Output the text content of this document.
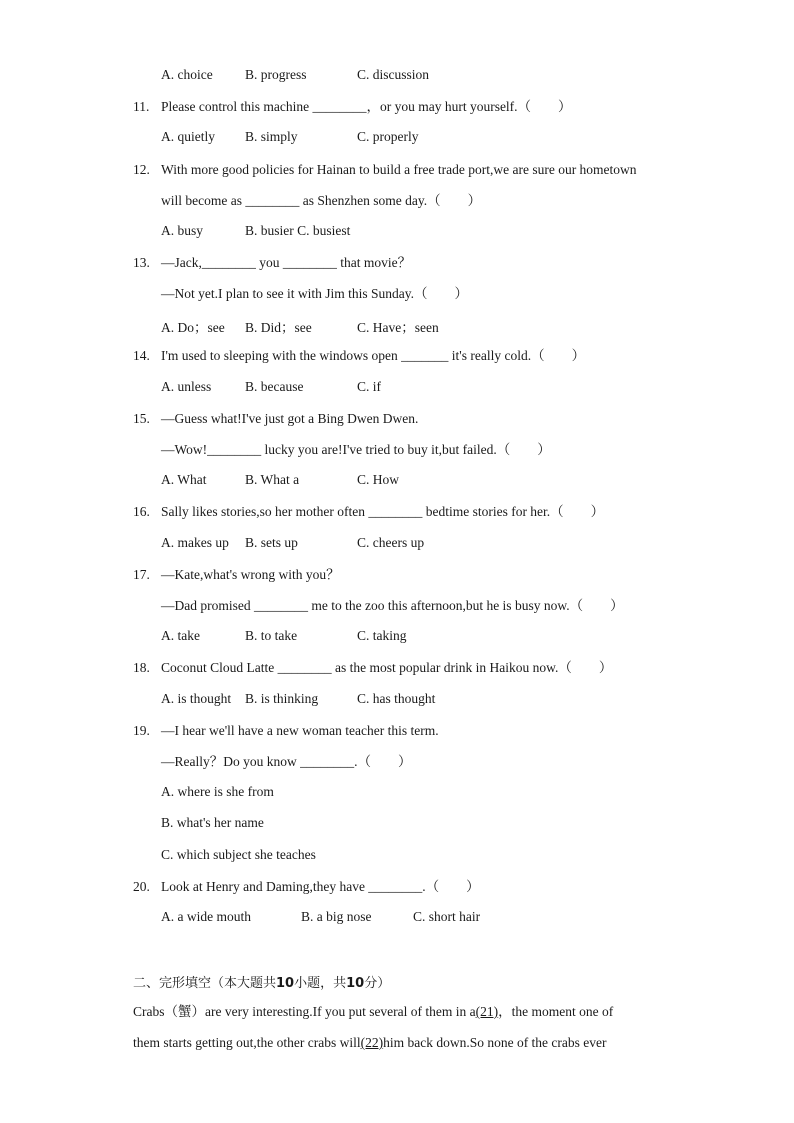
A. choice B. progress	C. discussion
11. Please control this machine ________，or you may hurt yourself.（　　）
A. quietly B. simply	C. properly
12. With more good policies for Hainan to build a free trade port,we are sure our hometown
will become as ________ as Shenzhen some day.（　　）
A. busy	B. busier C. busiest
13. —Jack,________ you ________ that movie？
—Not yet.I plan to see it with Jim this Sunday.（　　）
A. Do；see B. Did；see	C. Have；seen
14. I'm used to sleeping with the windows open _______ it's really cold.（　　）
A. unless	B. because	C. if
15. —Guess what!I've just got a Bing Dwen Dwen.
—Wow!________ lucky you are!I've tried to buy it,but failed.（　　）
A. What	B. What a	C. How
16. Sally likes stories,so her mother often ________ bedtime stories for her.（　　）
A. makes up B. sets up	C. cheers up
17. —Kate,what's wrong with you？
—Dad promised ________ me to the zoo this afternoon,but he is busy now.（　　）
A. take	B. to take	C. taking
18. Coconut Cloud Latte ________ as the most popular drink in Haikou now.（　　）
A. is thought B. is thinking	C. has thought
19. —I hear we'll have a new woman teacher this term.
—Really？Do you know ________.（　　）
A. where is she from
B. what's her name
C. which subject she teaches
20. Look at Henry and Daming,they have ________.（　　）
A. a wide mouth	B. a big nose	C. short hair
二、完形填空（本大题共10小题，共10分）
Crabs（蟹）are very interesting.If you put several of them in a(21)，the moment one of
them starts getting out,the other crabs will(22)him back down.So none of the crabs ever
